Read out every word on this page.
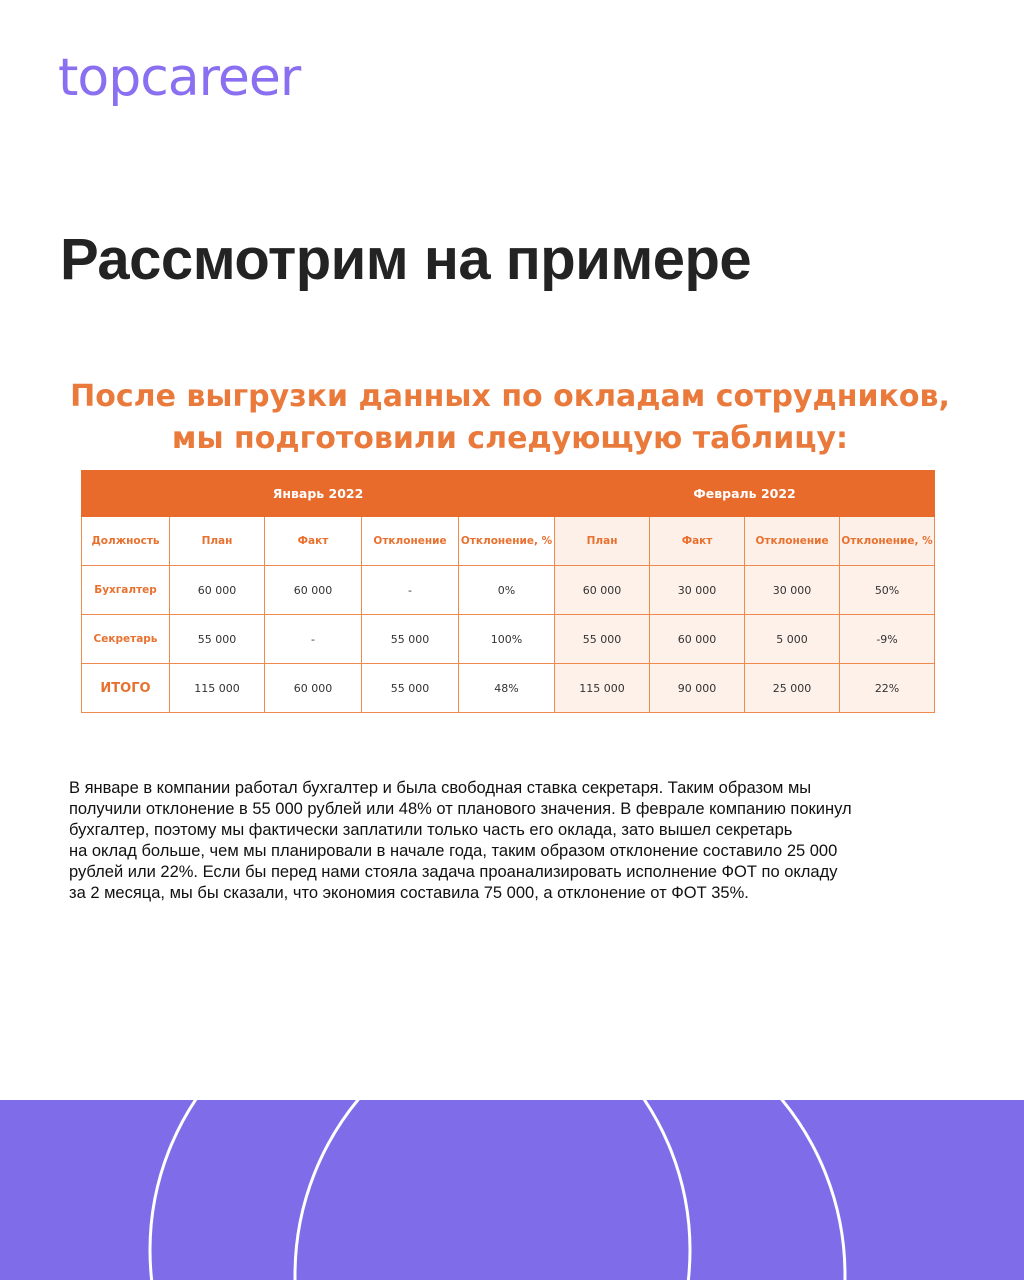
topcareer
Рассмотрим на примере
После выгрузки данных по окладам сотрудников,
мы подготовили следующую таблицу:
Январь 2022					Февраль 2022			
Должность	План	Факт	Отклонение	Отклонение, %	План	Факт	Отклонение	Отклонение, %
Бухгалтер	60 000	60 000	-	0%	60 000	30 000	30 000	50%
Секретарь	55 000	-	55 000	100%	55 000	60 000	5 000	-9%
ИТОГО	115 000	60 000	55 000	48%	115 000	90 000	25 000	22%
В январе в компании работал бухгалтер и была свободная ставка секретаря. Таким образом мы
получили отклонение в 55 000 рублей или 48% от планового значения. В феврале компанию покинул
бухгалтер, поэтому мы фактически заплатили только часть его оклада, зато вышел секретарь
на оклад больше, чем мы планировали в начале года, таким образом отклонение составило 25 000
рублей или 22%. Если бы перед нами стояла задача проанализировать исполнение ФОТ по окладу
за 2 месяца, мы бы сказали, что экономия составила 75 000, а отклонение от ФОТ 35%.
